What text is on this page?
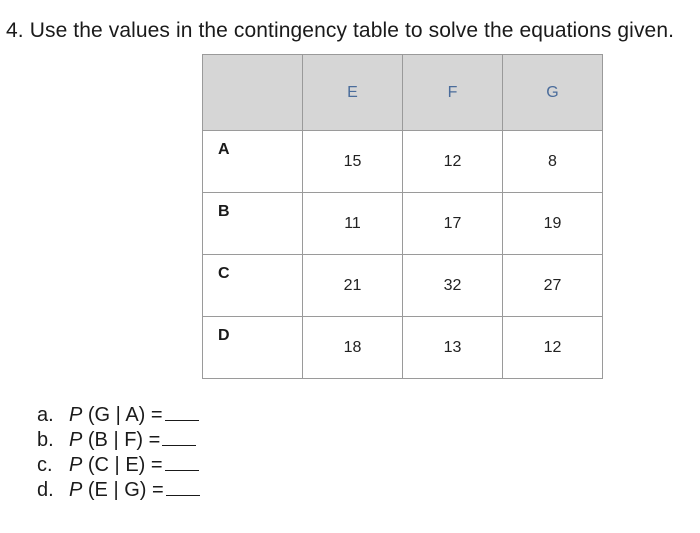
4. Use the values in the contingency table to solve the equations given.
	E	F	G
A	15	12	8
B	11	17	19
C	21	32	27
D	18	13	12
a. P (G | A) =
b. P (B | F) =
c. P (C | E) =
d. P (E | G) =
